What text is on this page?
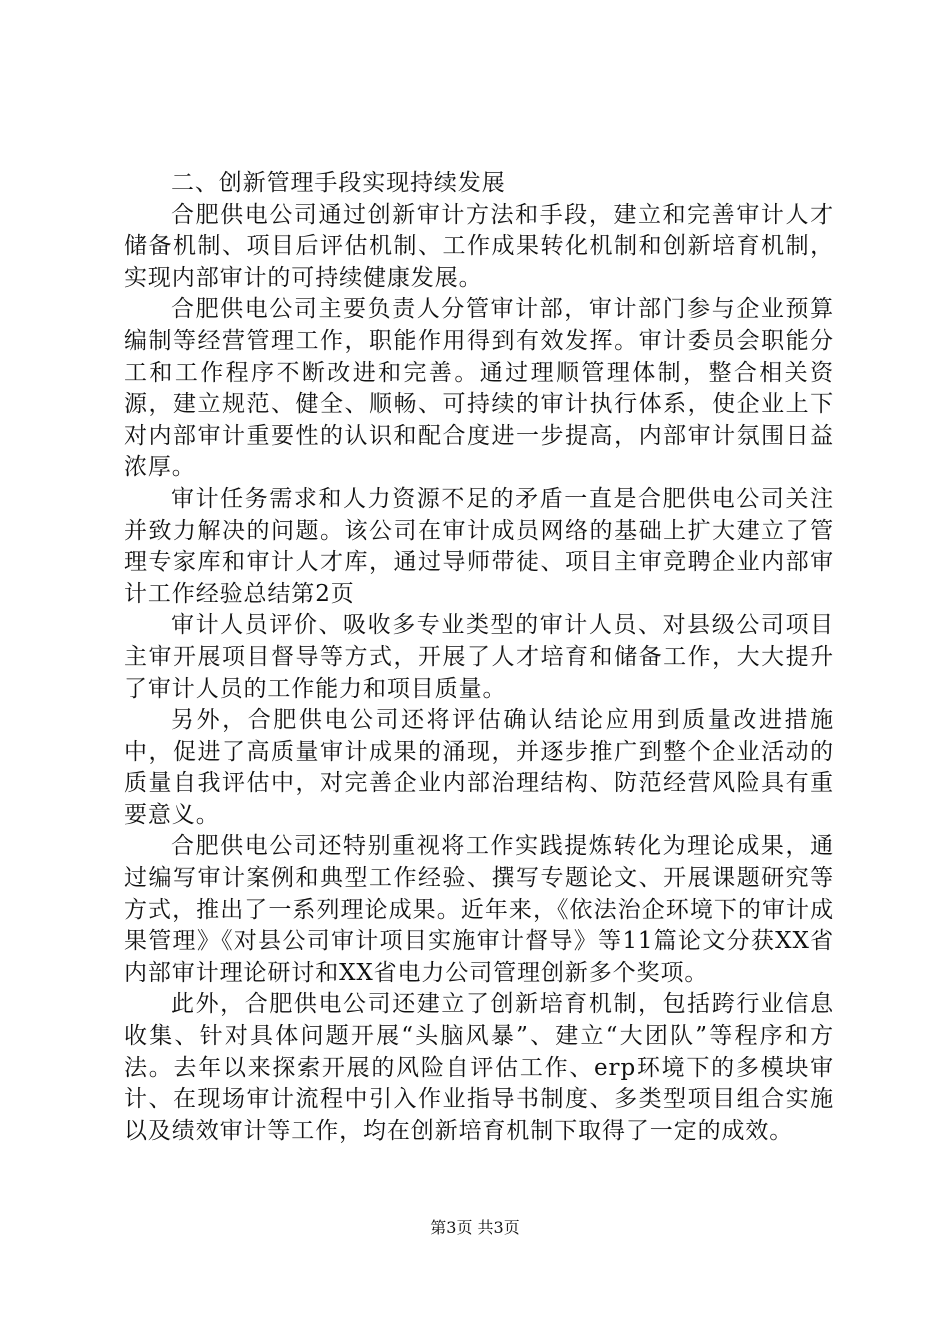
二、创新管理手段实现持续发展

合肥供电公司通过创新审计方法和手段，建立和完善审计人才储备机制、项目后评估机制、工作成果转化机制和创新培育机制，实现内部审计的可持续健康发展。

合肥供电公司主要负责人分管审计部，审计部门参与企业预算编制等经营管理工作，职能作用得到有效发挥。审计委员会职能分工和工作程序不断改进和完善。通过理顺管理体制，整合相关资源，建立规范、健全、顺畅、可持续的审计执行体系，使企业上下对内部审计重要性的认识和配合度进一步提高，内部审计氛围日益浓厚。

审计任务需求和人力资源不足的矛盾一直是合肥供电公司关注并致力解决的问题。该公司在审计成员网络的基础上扩大建立了管理专家库和审计人才库，通过导师带徒、项目主审竞聘企业内部审计工作经验总结第2页

审计人员评价、吸收多专业类型的审计人员、对县级公司项目主审开展项目督导等方式，开展了人才培育和储备工作，大大提升了审计人员的工作能力和项目质量。

另外，合肥供电公司还将评估确认结论应用到质量改进措施中，促进了高质量审计成果的涌现，并逐步推广到整个企业活动的质量自我评估中，对完善企业内部治理结构、防范经营风险具有重要意义。

合肥供电公司还特别重视将工作实践提炼转化为理论成果，通过编写审计案例和典型工作经验、撰写专题论文、开展课题研究等方式，推出了一系列理论成果。近年来，《依法治企环境下的审计成果管理》《对县公司审计项目实施审计督导》等11篇论文分获XX省内部审计理论研讨和XX省电力公司管理创新多个奖项。

此外，合肥供电公司还建立了创新培育机制，包括跨行业信息收集、针对具体问题开展“头脑风暴”、建立“大团队”等程序和方法。去年以来探索开展的风险自评估工作、erp环境下的多模块审计、在现场审计流程中引入作业指导书制度、多类型项目组合实施以及绩效审计等工作，均在创新培育机制下取得了一定的成效。

第3页 共3页
